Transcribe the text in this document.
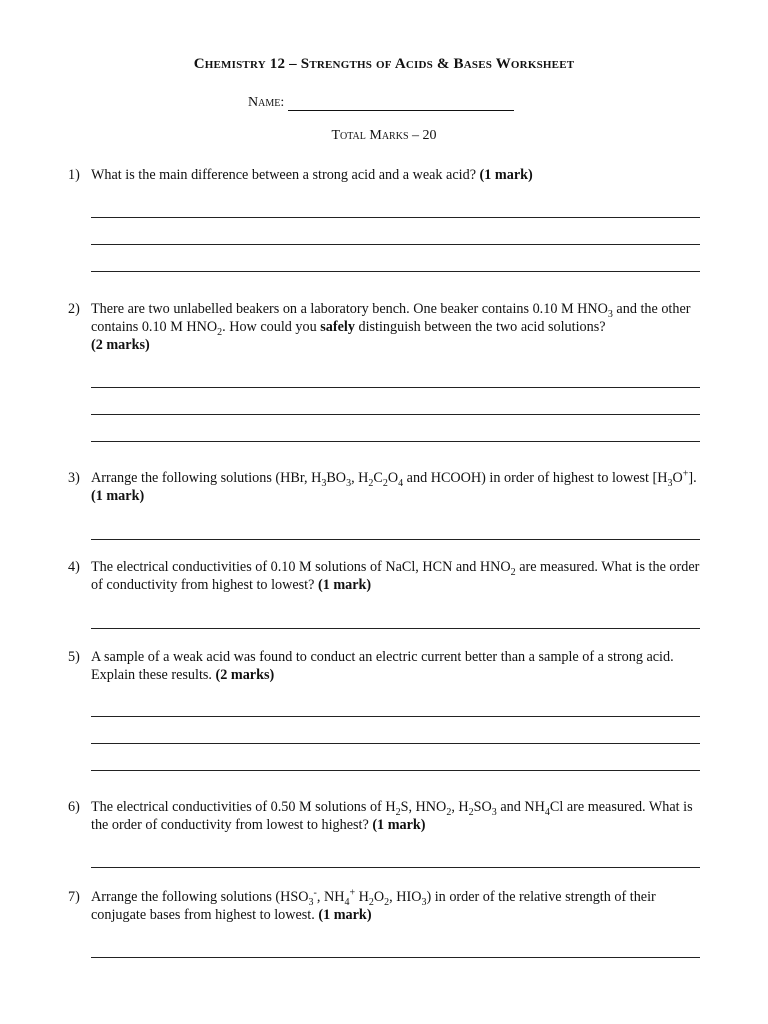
Chemistry 12 – Strengths of Acids & Bases Worksheet
Name:
Total Marks – 20
1) What is the main difference between a strong acid and a weak acid? (1 mark)
2) There are two unlabelled beakers on a laboratory bench. One beaker contains 0.10 M $HNO_3$ and the other contains 0.10 M $HNO_2$. How could you safely distinguish between the two acid solutions?
(2 marks)
3) Arrange the following solutions (HBr, $H_3BO_3$, $H_2C_2O_4$ and HCOOH) in order of highest to lowest $[H_3O^+]$. (1 mark)
4) The electrical conductivities of 0.10 M solutions of NaCl, HCN and $HNO_2$ are measured. What is the order of conductivity from highest to lowest? (1 mark)
5) A sample of a weak acid was found to conduct an electric current better than a sample of a strong acid. Explain these results. (2 marks)
6) The electrical conductivities of 0.50 M solutions of $H_2S$, $HNO_2$, $H_2SO_3$ and $NH_4Cl$ are measured. What is the order of conductivity from lowest to highest? (1 mark)
7) Arrange the following solutions ($HSO_3^-$, $NH_4^+$ $H_2O_2$, $HIO_3$) in order of the relative strength of their conjugate bases from highest to lowest. (1 mark)
